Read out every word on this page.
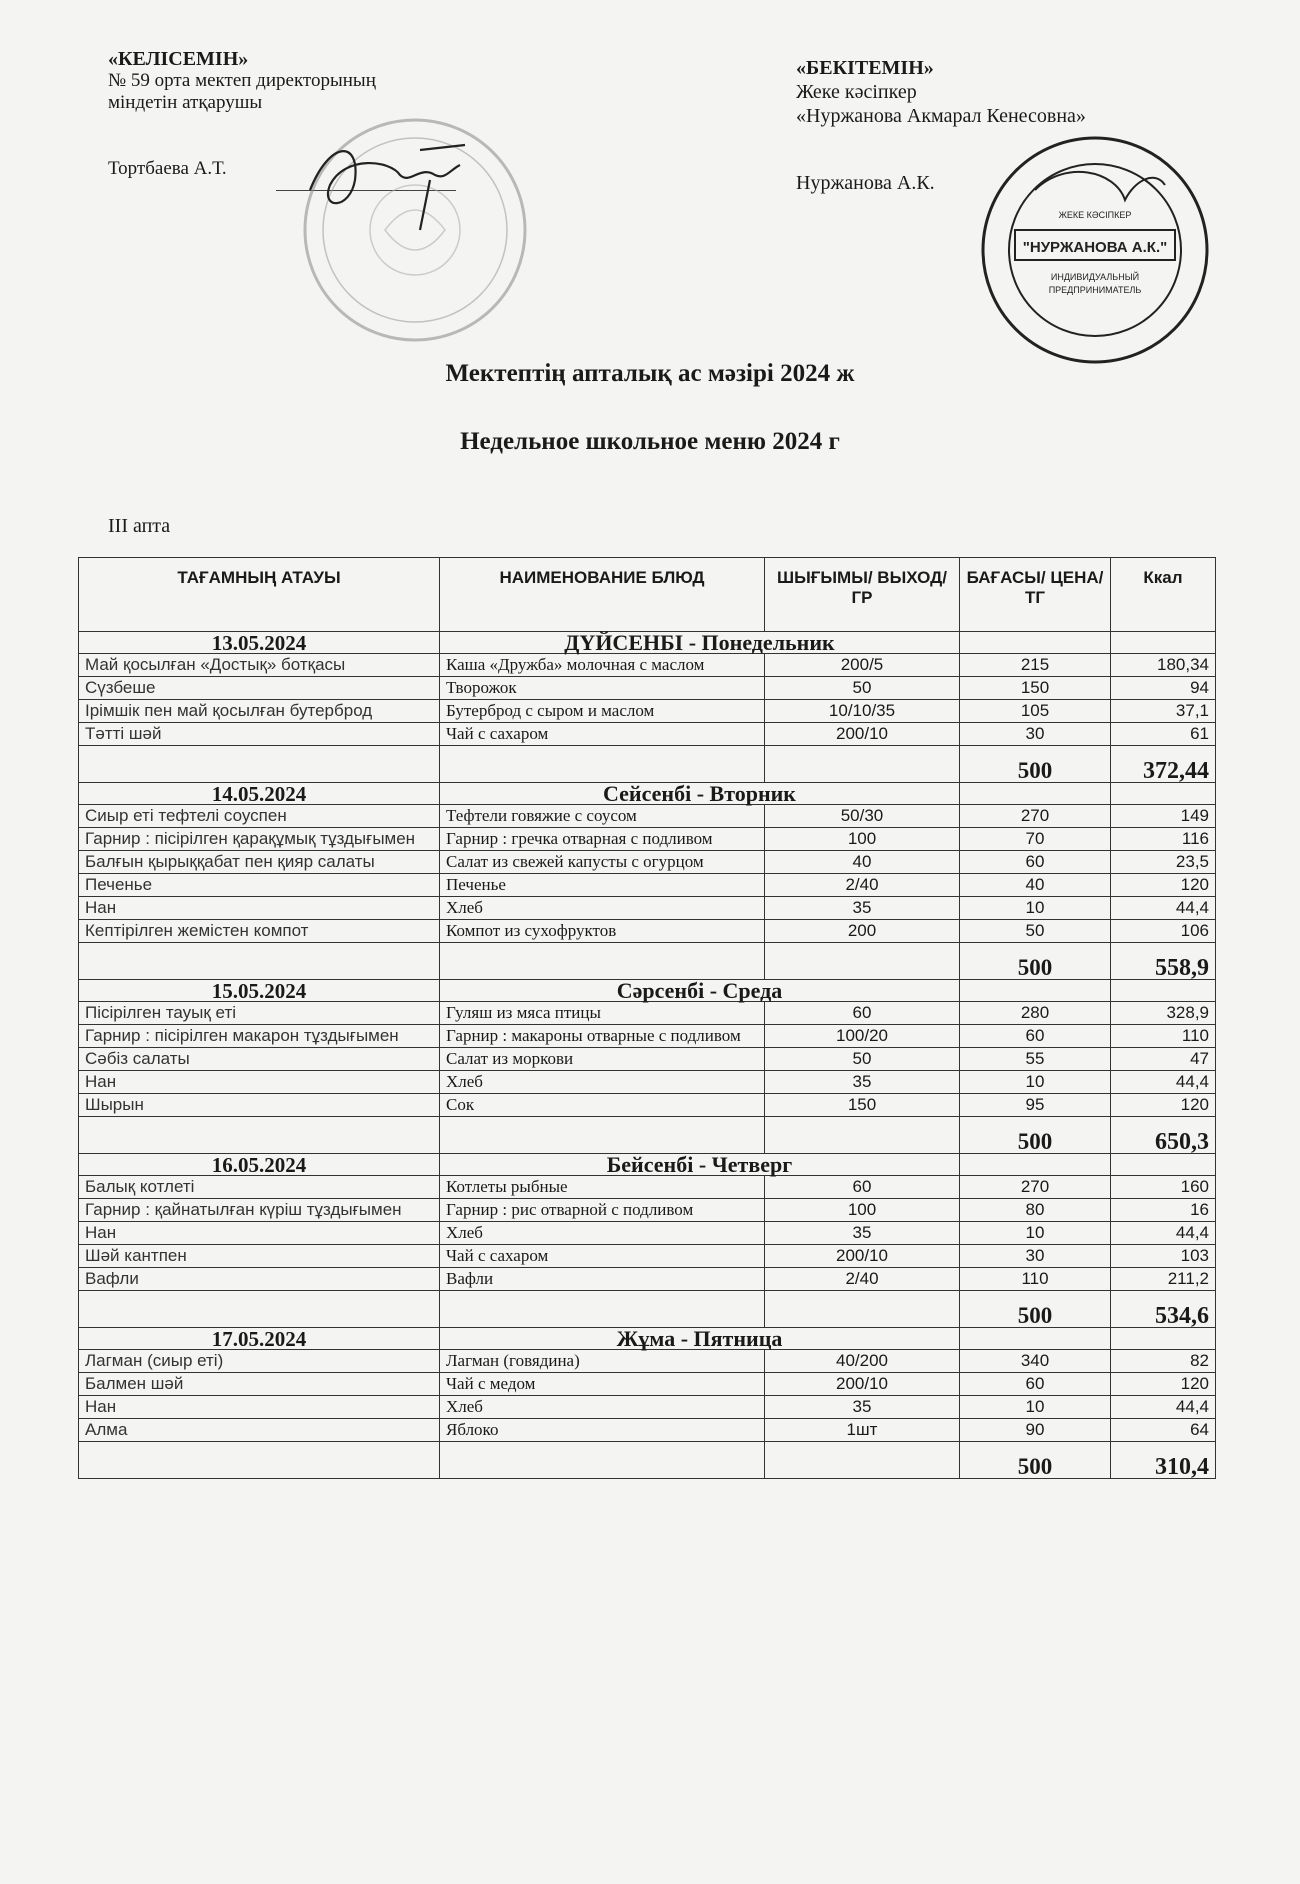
«КЕЛІСЕМІН»
№ 59 орта мектеп директорының
міндетін атқарушы
Тортбаева А.Т.
«БЕКІТЕМІН»
Жеке кәсіпкер
«Нуржанова Акмарал Кенесовна»
Нуржанова А.К.
"НУРЖАНОВА А.К."
ИНДИВИДУАЛЬНЫЙ
ПРЕДПРИНИМАТЕЛЬ
ЖЕКЕ КӘСІПКЕР
Мектептің апталық ас мәзірі 2024 ж
Недельное школьное меню 2024 г
III апта
ТАҒАМНЫҢ АТАУЫ	НАИМЕНОВАНИЕ БЛЮД	ШЫҒЫМЫ/ ВЫХОД/ГР	БАҒАСЫ/ ЦЕНА/ТГ	Ккал
13.05.2024	ДҮЙСЕНБІ - Понедельник			
Май қосылған «Достық» ботқасы	Каша «Дружба» молочная с маслом	200/5	215	180,34
Сүзбеше	Творожок	50	150	94
Ірімшік пен май қосылған бутерброд	Бутерброд с сыром и маслом	10/10/35	105	37,1
Тәтті шәй	Чай с сахаром	200/10	30	61
			500	372,44
14.05.2024	Сейсенбі - Вторник			
Сиыр еті тефтелі соуспен	Тефтели говяжие с соусом	50/30	270	149
Гарнир : пісірілген қарақұмық тұздығымен	Гарнир : гречка отварная с подливом	100	70	116
Балғын қырыққабат пен қияр салаты	Салат из свежей капусты с огурцом	40	60	23,5
Печенье	Печенье	2/40	40	120
Нан	Хлеб	35	10	44,4
Кептірілген жемістен компот	Компот из сухофруктов	200	50	106
			500	558,9
15.05.2024	Сәрсенбі - Среда			
Пісірілген тауық еті	Гуляш из мяса птицы	60	280	328,9
Гарнир : пісірілген макарон тұздығымен	Гарнир : макароны отварные с подливом	100/20	60	110
Сәбіз салаты	Салат из моркови	50	55	47
Нан	Хлеб	35	10	44,4
Шырын	Сок	150	95	120
			500	650,3
16.05.2024	Бейсенбі - Четверг			
Балық котлеті	Котлеты рыбные	60	270	160
Гарнир : қайнатылған күріш тұздығымен	Гарнир : рис отварной с подливом	100	80	16
Нан	Хлеб	35	10	44,4
Шәй кантпен	Чай с сахаром	200/10	30	103
Вафли	Вафли	2/40	110	211,2
			500	534,6
17.05.2024	Жұма - Пятница			
Лагман (сиыр еті)	Лагман (говядина)	40/200	340	82
Балмен шәй	Чай с медом	200/10	60	120
Нан	Хлеб	35	10	44,4
Алма	Яблоко	1шт	90	64
			500	310,4
